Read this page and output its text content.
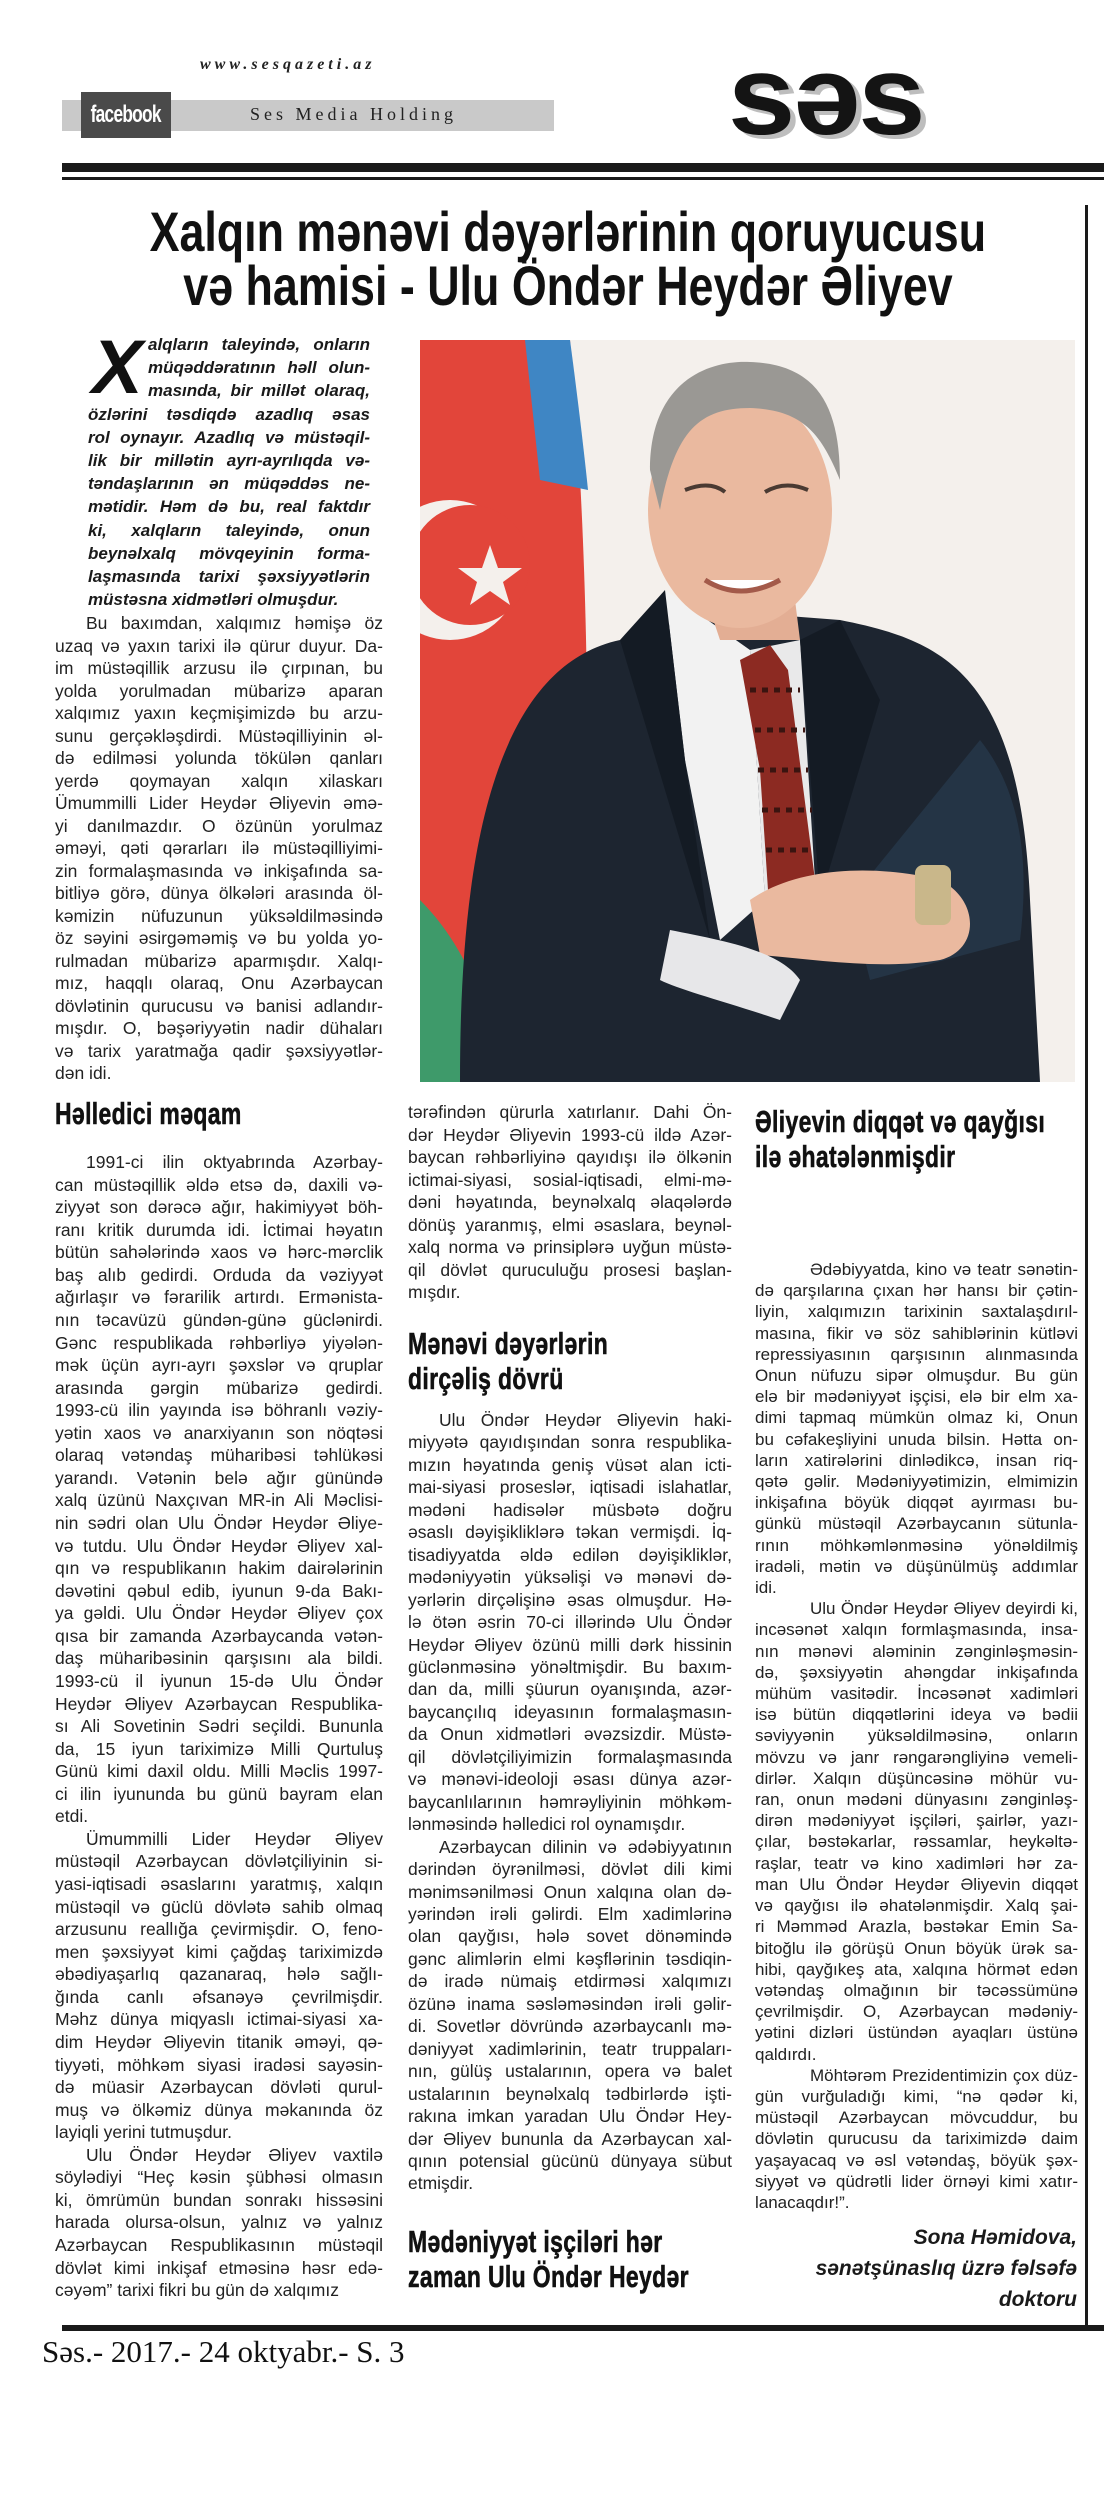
www.sesqazeti.az
Ses Media Holding
facebook	səs
Xalqın mənəvi dəyərlərinin qoruyucusu
və hamisi - Ulu Öndər Heydər Əliyev
X alqların taleyində, onların
müqəddəratının həll olun-
masında, bir millət olaraq,
özlərini təsdiqdə azadlıq əsas
rol oynayır. Azadlıq və müstəqil-
lik bir millətin ayrı-ayrılıqda və-
təndaşlarının ən müqəddəs ne-
mətidir. Həm də bu, real faktdır
ki, xalqların taleyində, onun
beynəlxalq mövqeyinin forma-
laşmasında tarixi şəxsiyyətlərin
müstəsna xidmətləri olmuşdur.
Bu baxımdan, xalqımız həmişə öz
uzaq və yaxın tarixi ilə qürur duyur. Da-
im müstəqillik arzusu ilə çırpınan, bu
yolda yorulmadan mübarizə aparan
xalqımız yaxın keçmişimizdə bu arzu-
sunu gerçəkləşdirdi. Müstəqilliyinin əl-
də edilməsi yolunda tökülən qanları
yerdə qoymayan xalqın xilaskarı
Ümummilli Lider Heydər Əliyevin əmə-
yi danılmazdır. O özünün yorulmaz
əməyi, qəti qərarları ilə müstəqilliyimi-
zin formalaşmasında və inkişafında sa-
bitliyə görə, dünya ölkələri arasında öl-
kəmizin nüfuzunun yüksəldilməsində
öz səyini əsirgəməmiş və bu yolda yo-
rulmadan mübarizə aparmışdır. Xalqı-
mız, haqqlı olaraq, Onu Azərbaycan
dövlətinin qurucusu və banisi adlandır-
mışdır. O, bəşəriyyətin nadir dühaları
və tarix yaratmağa qadir şəxsiyyətlər-
dən idi.
Həlledici məqam
1991-ci ilin oktyabrında Azərbay-
can müstəqillik əldə etsə də, daxili və-
ziyyət son dərəcə ağır, hakimiyyət böh-
ranı kritik durumda idi. İctimai həyatın
bütün sahələrində xaos və hərc-mərclik
baş alıb gedirdi. Orduda da vəziyyət
ağırlaşır və fərarilik artırdı. Ermənista-
nın təcavüzü gündən-günə güclənirdi.
Gənc respublikada rəhbərliyə yiyələn-
mək üçün ayrı-ayrı şəxslər və qruplar
arasında gərgin mübarizə gedirdi.
1993-cü ilin yayında isə böhranlı vəziy-
yətin xaos və anarxiyanın son nöqtəsi
olaraq vətəndaş müharibəsi təhlükəsi
yarandı. Vətənin belə ağır günündə
xalq üzünü Naxçıvan MR-in Ali Məclisi-
nin sədri olan Ulu Öndər Heydər Əliye-
və tutdu. Ulu Öndər Heydər Əliyev xal-
qın və respublikanın hakim dairələrinin
dəvətini qəbul edib, iyunun 9-da Bakı-
ya gəldi. Ulu Öndər Heydər Əliyev çox
qısa bir zamanda Azərbaycanda vətən-
daş müharibəsinin qarşısını ala bildi.
1993-cü il iyunun 15-də Ulu Öndər
Heydər Əliyev Azərbaycan Respublika-
sı Ali Sovetinin Sədri seçildi. Bununla
da, 15 iyun tariximizə Milli Qurtuluş
Günü kimi daxil oldu. Milli Məclis 1997-
ci ilin iyununda bu günü bayram elan
etdi.
Ümummilli Lider Heydər Əliyev
müstəqil Azərbaycan dövlətçiliyinin si-
yasi-iqtisadi əsaslarını yaratmış, xalqın
müstəqil və güclü dövlətə sahib olmaq
arzusunu reallığa çevirmişdir. O, feno-
men şəxsiyyət kimi çağdaş tariximizdə
əbədiyaşarlıq qazanaraq, hələ sağlı-
ğında canlı əfsanəyə çevrilmişdir.
Məhz dünya miqyaslı ictimai-siyasi xa-
dim Heydər Əliyevin titanik əməyi, qə-
tiyyəti, möhkəm siyasi iradəsi sayəsin-
də müasir Azərbaycan dövləti qurul-
muş və ölkəmiz dünya məkanında öz
layiqli yerini tutmuşdur.
Ulu Öndər Heydər Əliyev vaxtilə
söylədiyi “Heç kəsin şübhəsi olmasın
ki, ömrümün bundan sonrakı hissəsini
harada olursa-olsun, yalnız və yalnız
Azərbaycan Respublikasının müstəqil
dövlət kimi inkişaf etməsinə həsr edə-
cəyəm” tarixi fikri bu gün də xalqımız
tərəfindən qürurla xatırlanır. Dahi Ön-
dər Heydər Əliyevin 1993-cü ildə Azər-
baycan rəhbərliyinə qayıdışı ilə ölkənin
ictimai-siyasi, sosial-iqtisadi, elmi-mə-
dəni həyatında, beynəlxalq əlaqələrdə
dönüş yaranmış, elmi əsaslara, beynəl-
xalq norma və prinsiplərə uyğun müstə-
qil dövlət quruculuğu prosesi başlan-
mışdır.
Mənəvi dəyərlərin
dirçəliş dövrü
Ulu Öndər Heydər Əliyevin haki-
miyyətə qayıdışından sonra respublika-
mızın həyatında geniş vüsət alan icti-
mai-siyasi proseslər, iqtisadi islahatlar,
mədəni hadisələr müsbətə doğru
əsaslı dəyişikliklərə təkan vermişdi. İq-
tisadiyyatda əldə edilən dəyişikliklər,
mədəniyyətin yüksəlişi və mənəvi də-
yərlərin dirçəlişinə əsas olmuşdur. Hə-
lə ötən əsrin 70-ci illərində Ulu Öndər
Heydər Əliyev özünü milli dərk hissinin
güclənməsinə yönəltmişdir. Bu baxım-
dan da, milli şüurun oyanışında, azər-
baycançılıq ideyasının formalaşmasın-
da Onun xidmətləri əvəzsizdir. Müstə-
qil dövlətçiliyimizin formalaşmasında
və mənəvi-ideoloji əsası dünya azər-
baycanlılarının həmrəyliyinin möhkəm-
lənməsində həlledici rol oynamışdır.
Azərbaycan dilinin və ədəbiyyatının
dərindən öyrənilməsi, dövlət dili kimi
mənimsənilməsi Onun xalqına olan də-
yərindən irəli gəlirdi. Elm xadimlərinə
olan qayğısı, hələ sovet dönəmində
gənc alimlərin elmi kəşflərinin təsdiqin-
də iradə nümaiş etdirməsi xalqımızı
özünə inama səsləməsindən irəli gəlir-
di. Sovetlər dövründə azərbaycanlı mə-
dəniyyət xadimlərinin, teatr truppaları-
nın, gülüş ustalarının, opera və balet
ustalarının beynəlxalq tədbirlərdə işti-
rakına imkan yaradan Ulu Öndər Hey-
dər Əliyev bununla da Azərbaycan xal-
qının potensial gücünü dünyaya sübut
etmişdir.
Mədəniyyət işçiləri hər
zaman Ulu Öndər Heydər
Əliyevin diqqət və qayğısı
ilə əhatələnmişdir
Ədəbiyyatda, kino və teatr sənətin-
də qarşılarına çıxan hər hansı bir çətin-
liyin, xalqımızın tarixinin saxtalaşdırıl-
masına, fikir və söz sahiblərinin kütləvi
repressiyasının qarşısının alınmasında
Onun nüfuzu sipər olmuşdur. Bu gün
elə bir mədəniyyət işçisi, elə bir elm xa-
dimi tapmaq mümkün olmaz ki, Onun
bu cəfakeşliyini unuda bilsin. Hətta on-
ların xatirələrini dinlədikcə, insan riq-
qətə gəlir. Mədəniyyətimizin, elmimizin
inkişafına böyük diqqət ayırması bu-
günkü müstəqil Azərbaycanın sütunla-
rının möhkəmlənməsinə yönəldilmiş
iradəli, mətin və düşünülmüş addımlar
idi.
Ulu Öndər Heydər Əliyev deyirdi ki,
incəsənət xalqın formlaşmasında, insa-
nın mənəvi aləminin zənginləşməsin-
də, şəxsiyyətin ahəngdar inkişafında
mühüm vasitədir. İncəsənət xadimləri
isə bütün diqqətlərini ideya və bədii
səviyyənin yüksəldilməsinə, onların
mövzu və janr rəngarəngliyinə vemeli-
dirlər. Xalqın düşüncəsinə möhür vu-
ran, onun mədəni dünyasını zənginləş-
dirən mədəniyyət işçiləri, şairlər, yazı-
çılar, bəstəkarlar, rəssamlar, heykəltə-
raşlar, teatr və kino xadimləri hər za-
man Ulu Öndər Heydər Əliyevin diqqət
və qayğısı ilə əhatələnmişdir. Xalq şai-
ri Məmməd Arazla, bəstəkar Emin Sa-
bitoğlu ilə görüşü Onun böyük ürək sa-
hibi, qayğıkeş ata, xalqına hörmət edən
vətəndaş olmağının bir təcəssümünə
çevrilmişdir. O, Azərbaycan mədəniy-
yətini dizləri üstündən ayaqları üstünə
qaldırdı.
Möhtərəm Prezidentimizin çox düz-
gün vurğuladığı kimi, “nə qədər ki,
müstəqil Azərbaycan mövcuddur, bu
dövlətin qurucusu da tariximizdə daim
yaşayacaq və əsl vətəndaş, böyük şəx-
siyyət və qüdrətli lider örnəyi kimi xatır-
lanacaqdır!”.
Sona Həmidova,
sənətşünaslıq üzrə fəlsəfə
doktoru
Səs.- 2017.- 24 oktyabr.- S. 3
